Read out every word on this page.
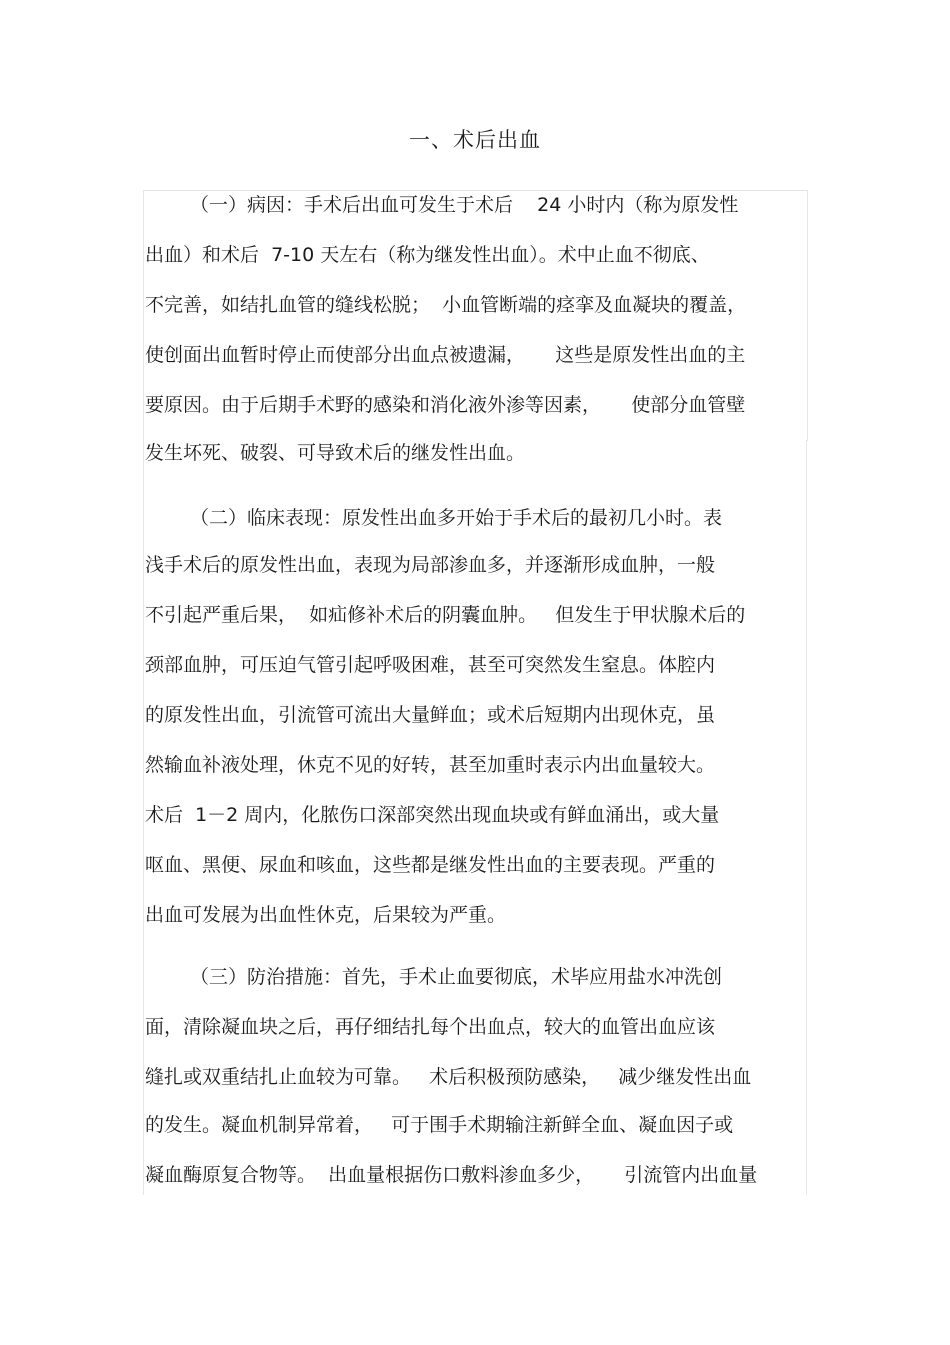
一、术后出血
（一）病因：手术后出血可发生于术后    24 小时内（称为原发性
出血）和术后  7-10 天左右（称为继发性出血）。术中止血不彻底、
不完善，如结扎血管的缝线松脱；  小血管断端的痉挛及血凝块的覆盖，
使创面出血暂时停止而使部分出血点被遗漏，     这些是原发性出血的主
要原因。由于后期手术野的感染和消化液外渗等因素，     使部分血管壁
发生坏死、破裂、可导致术后的继发性出血。
（二）临床表现：原发性出血多开始于手术后的最初几小时。表
浅手术后的原发性出血，表现为局部渗血多，并逐渐形成血肿，一般
不引起严重后果，  如疝修补术后的阴囊血肿。   但发生于甲状腺术后的
颈部血肿，可压迫气管引起呼吸困难，甚至可突然发生窒息。体腔内
的原发性出血，引流管可流出大量鲜血；或术后短期内出现休克，虽
然输血补液处理，休克不见的好转，甚至加重时表示内出血量较大。
术后  1－2 周内，化脓伤口深部突然出现血块或有鲜血涌出，或大量
呕血、黑便、尿血和咳血，这些都是继发性出血的主要表现。严重的
出血可发展为出血性休克，后果较为严重。
（三）防治措施：首先，手术止血要彻底，术毕应用盐水冲洗创
面，清除凝血块之后，再仔细结扎每个出血点，较大的血管出血应该
缝扎或双重结扎止血较为可靠。   术后积极预防感染，   减少继发性出血
的发生。凝血机制异常着，   可于围手术期输注新鲜全血、凝血因子或
凝血酶原复合物等。  出血量根据伤口敷料渗血多少，     引流管内出血量
